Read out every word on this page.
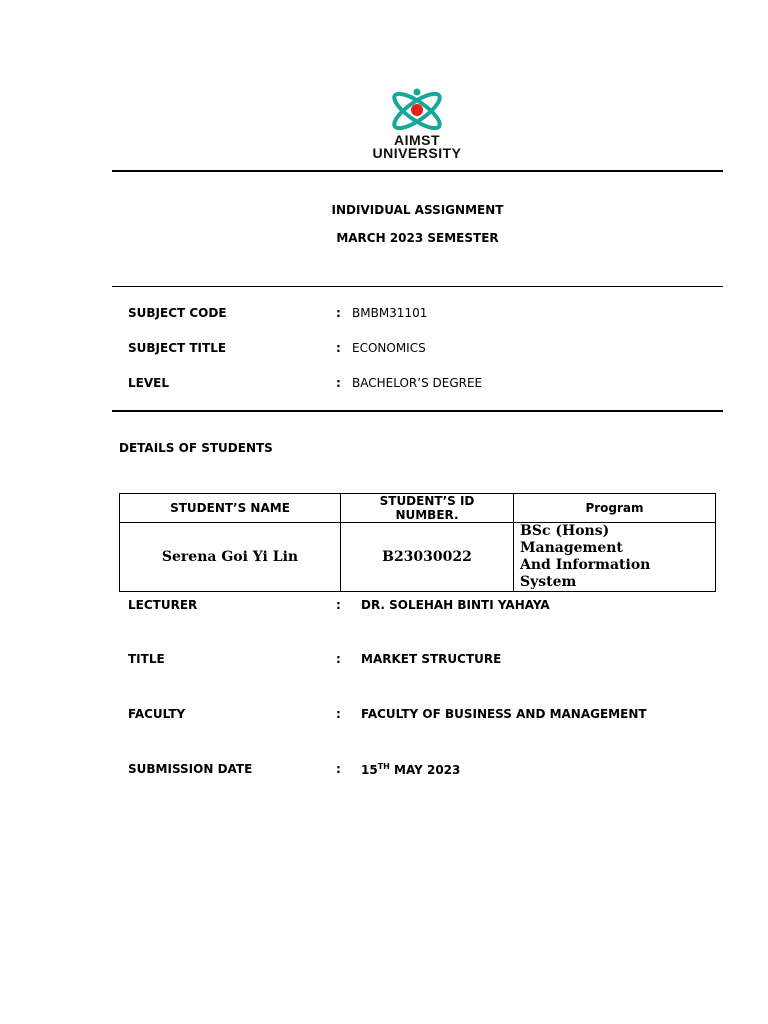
AIMST
UNIVERSITY
INDIVIDUAL ASSIGNMENT
MARCH 2023 SEMESTER
SUBJECT CODE	: BMBM31101
SUBJECT TITLE	: ECONOMICS
LEVEL	: BACHELOR’S DEGREE
DETAILS OF STUDENTS
STUDENT’S NAME	STUDENT’S ID NUMBER.	Program
Serena Goi Yi Lin	B23030022	BSc (Hons) Management
And Information System
LECTURER	: DR. SOLEHAH BINTI YAHAYA
TITLE	: MARKET STRUCTURE
FACULTY	: FACULTY OF BUSINESS AND MANAGEMENT
SUBMISSION DATE	: 15TH MAY 2023
